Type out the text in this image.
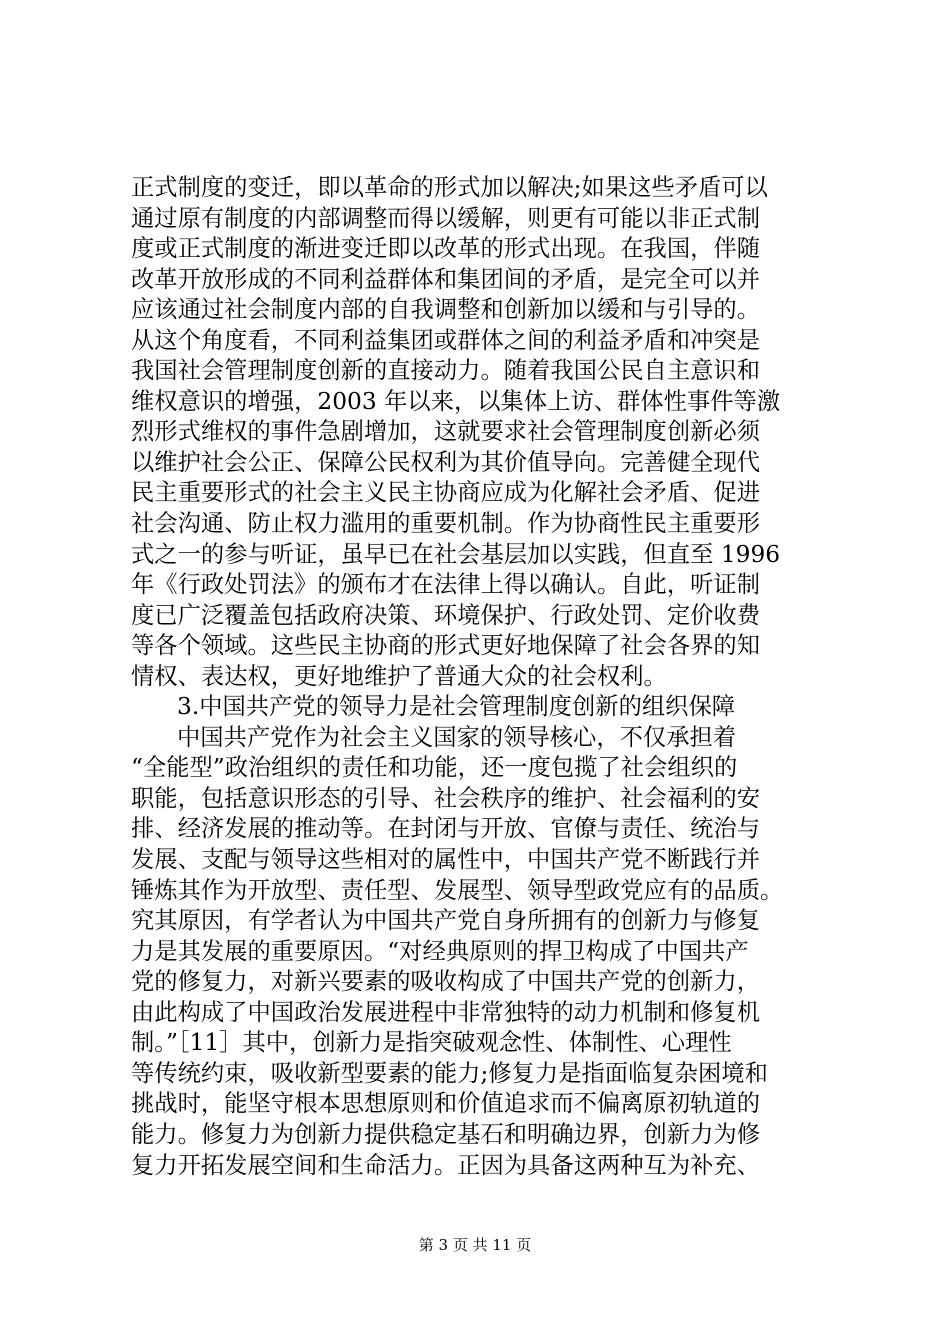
正式制度的变迁，即以革命的形式加以解决;如果这些矛盾可以
通过原有制度的内部调整而得以缓解，则更有可能以非正式制
度或正式制度的渐进变迁即以改革的形式出现。在我国，伴随
改革开放形成的不同利益群体和集团间的矛盾，是完全可以并
应该通过社会制度内部的自我调整和创新加以缓和与引导的。
从这个角度看，不同利益集团或群体之间的利益矛盾和冲突是
我国社会管理制度创新的直接动力。随着我国公民自主意识和
维权意识的增强，2003 年以来，以集体上访、群体性事件等激
烈形式维权的事件急剧增加，这就要求社会管理制度创新必须
以维护社会公正、保障公民权利为其价值导向。完善健全现代
民主重要形式的社会主义民主协商应成为化解社会矛盾、促进
社会沟通、防止权力滥用的重要机制。作为协商性民主重要形
式之一的参与听证，虽早已在社会基层加以实践，但直至 1996
年《行政处罚法》的颁布才在法律上得以确认。自此，听证制
度已广泛覆盖包括政府决策、环境保护、行政处罚、定价收费
等各个领域。这些民主协商的形式更好地保障了社会各界的知
情权、表达权，更好地维护了普通大众的社会权利。
3.中国共产党的领导力是社会管理制度创新的组织保障
中国共产党作为社会主义国家的领导核心，不仅承担着
“全能型”政治组织的责任和功能，还一度包揽了社会组织的
职能，包括意识形态的引导、社会秩序的维护、社会福利的安
排、经济发展的推动等。在封闭与开放、官僚与责任、统治与
发展、支配与领导这些相对的属性中，中国共产党不断践行并
锤炼其作为开放型、责任型、发展型、领导型政党应有的品质。
究其原因，有学者认为中国共产党自身所拥有的创新力与修复
力是其发展的重要原因。“对经典原则的捍卫构成了中国共产
党的修复力，对新兴要素的吸收构成了中国共产党的创新力，
由此构成了中国政治发展进程中非常独特的动力机制和修复机
制。”［11］其中，创新力是指突破观念性、体制性、心理性
等传统约束，吸收新型要素的能力;修复力是指面临复杂困境和
挑战时，能坚守根本思想原则和价值追求而不偏离原初轨道的
能力。修复力为创新力提供稳定基石和明确边界，创新力为修
复力开拓发展空间和生命活力。正因为具备这两种互为补充、
第 3 页 共 11 页
